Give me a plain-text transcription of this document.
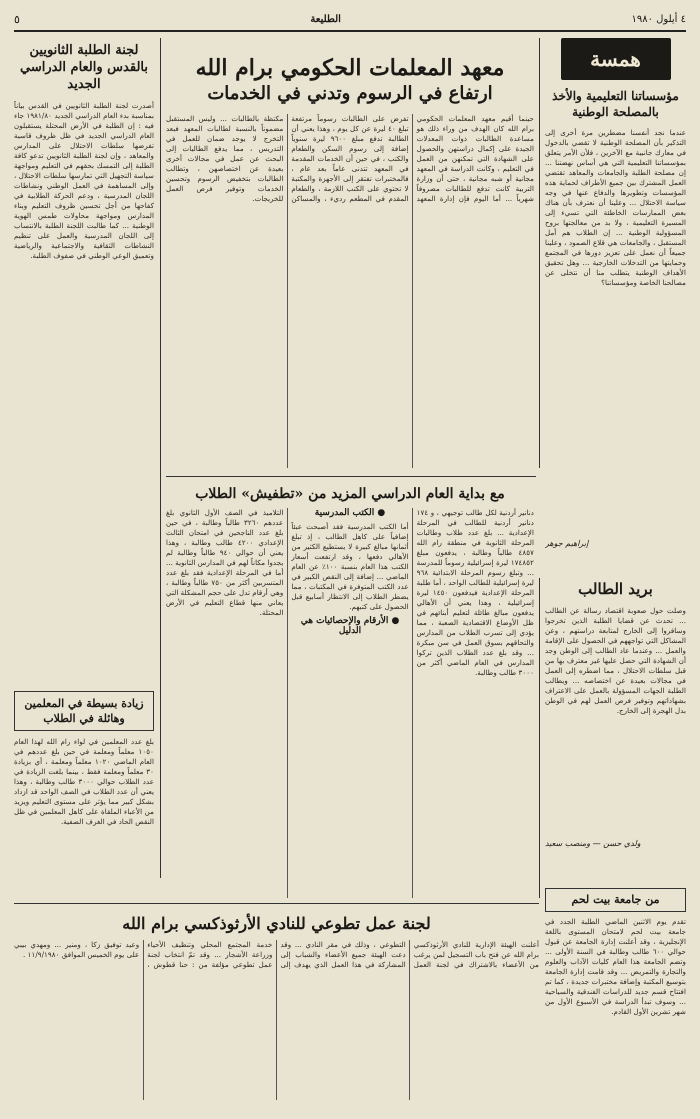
٥	الطليعة	٤ أيلول ١٩٨٠
لجنة الطلبة الثانويين بالقدس والعام الدراسي الجديد
أصدرت لجنة الطلبة الثانويين في القدس بياناً بمناسبة بدء العام الدراسي الجديد ١٩٨١/٨٠ جاء فيه : إن الطلبة في الأرض المحتلة يستقبلون العام الدراسي الجديد في ظل ظروف قاسية تفرضها سلطات الاحتلال على المدارس والمعاهد ، وإن لجنة الطلبة الثانويين تدعو كافة الطلبة إلى التمسك بحقهم في التعليم ومواجهة سياسة التجهيل التي تمارسها سلطات الاحتلال ، وإلى المساهمة في العمل الوطني ونشاطات اللجان المدرسية ، ودعم الحركة الطلابية في كفاحها من أجل تحسين ظروف التعليم وبناء المدارس ومواجهة محاولات طمس الهوية الوطنية ... كما طالبت اللجنة الطلبة بالانتساب إلى اللجان المدرسية والعمل على تنظيم النشاطات الثقافية والاجتماعية والرياضية وتعميق الوعي الوطني في صفوف الطلبة.
زيادة بسيطة في المعلمين وهائلة في الطلاب
بلغ عدد المعلمين في لواء رام الله لهذا العام ١٠٥٠ معلماً ومعلمة في حين بلغ عددهم في العام الماضي ١٠٢٠ معلماً ومعلمة ، أي بزيادة ٣٠ معلماً ومعلمة فقط ، بينما بلغت الزيادة في عدد الطلاب حوالي ٣٠٠٠ طالب وطالبة ، وهذا يعني أن عدد الطلاب في الصف الواحد قد ازداد بشكل كبير مما يؤثر على مستوى التعليم ويزيد من الأعباء الملقاة على كاهل المعلمين في ظل النقص الحاد في الغرف الصفية.
معهد المعلمات الحكومي برام الله
ارتفاع في الرسوم وتدني في الخدمات
حينما أقيم معهد المعلمات الحكومي برام الله كان الهدف من وراء ذلك هو مساعدة الطالبات ذوات المعدلات الجيدة على إكمال دراستهن والحصول على الشهادة التي تمكنهن من العمل في التعليم ، وكانت الدراسة في المعهد مجانية أو شبه مجانية ، حتى أن وزارة التربية كانت تدفع للطالبات مصروفاً شهرياً ... أما اليوم فإن إدارة المعهد تفرض على الطالبات رسوماً مرتفعة تبلغ ٤٠ ليرة عن كل يوم ، وهذا يعني أن الطالبة تدفع مبلغ ٩٦٠٠ ليرة سنوياً إضافة إلى رسوم السكن والطعام والكتب ، في حين أن الخدمات المقدمة في المعهد تتدنى عاماً بعد عام ، فالمختبرات تفتقر إلى الأجهزة والمكتبة لا تحتوي على الكتب اللازمة ، والطعام المقدم في المطعم رديء ، والمساكن مكتظة بالطالبات ... وليس المستقبل مضموناً بالنسبة لطالبات المعهد فبعد التخرج لا يوجد ضمان للعمل في التدريس ، مما يدفع الطالبات إلى البحث عن عمل في مجالات أخرى بعيدة عن اختصاصهن ، وتطالب الطالبات بتخفيض الرسوم وتحسين الخدمات وتوفير فرص العمل للخريجات.
همسة
مؤسساتنا التعليمية والأخذ بالمصلحة الوطنية
عندما نجد أنفسنا مضطرين مرة أخرى إلى التذكير بأن المصلحة الوطنية لا تقضي بالدخول في معارك جانبية مع الآخرين ، فلأن الأمر يتعلق بمؤسساتنا التعليمية التي هي أساس نهضتنا ... إن مصلحة الطلبة والجامعات والمعاهد تقتضي العمل المشترك بين جميع الأطراف لحماية هذه المؤسسات وتطويرها والدفاع عنها في وجه سياسة الاحتلال ... وعلينا أن نعترف بأن هناك بعض الممارسات الخاطئة التي تسيء إلى المسيرة التعليمية ، ولا بد من معالجتها بروح المسؤولية الوطنية ... إن الطلاب هم أمل المستقبل ، والجامعات هي قلاع الصمود ، وعلينا جميعاً أن نعمل على تعزيز دورها في المجتمع وحمايتها من التدخلات الخارجية ... وهل تحقيق الأهداف الوطنية يتطلب منا أن نتخلى عن مصالحنا الخاصة ومؤسساتنا؟
إبراهيم جوهر
مع بداية العام الدراسي المزيد من «تطفيش» الطلاب
دنانير أردنية لكل طالب توجيهي ، و ١٧٤ دنانير أردنية للطالب في المرحلة الإعدادية ... بلغ عدد طلاب وطالبات المرحلة الثانوية في منطقة رام الله ٤٨٥٧ طالباً وطالبة ، يدفعون مبلغ ١٧٤٨٥٢ ليرة إسرائيلية رسوماً للمدرسة ... وتبلغ رسوم المرحلة الابتدائية ٩٦٨ ليرة إسرائيلية للطالب الواحد ، أما طلبة المرحلة الإعدادية فيدفعون ١٤٥٠ ليرة إسرائيلية ، وهذا يعني أن الأهالي يدفعون مبالغ طائلة لتعليم أبنائهم في ظل الأوضاع الاقتصادية الصعبة ، مما يؤدي إلى تسرب الطلاب من المدارس والتحاقهم بسوق العمل في سن مبكرة ... وقد بلغ عدد الطلاب الذين تركوا المدارس في العام الماضي أكثر من ٣٠٠٠ طالب وطالبة.
● الكتب المدرسية
أما الكتب المدرسية فقد أصبحت عبئاً إضافياً على كاهل الطالب ، إذ تبلغ أثمانها مبالغ كبيرة لا يستطيع الكثير من الأهالي دفعها ، وقد ارتفعت أسعار الكتب هذا العام بنسبة ١٠٠٪ عن العام الماضي ... إضافة إلى النقص الكبير في عدد الكتب المتوفرة في المكتبات ، مما يضطر الطلاب إلى الانتظار أسابيع قبل الحصول على كتبهم.
● الأرقام والإحصائيات هي الدليل
التلاميذ في الصف الأول الثانوي بلغ عددهم ٣٢٦٠ طالباً وطالبة ، في حين بلغ عدد الناجحين في امتحان الثالث الإعدادي ٤٢٠٠ طالب وطالبة ، وهذا يعني أن حوالي ٩٤٠ طالباً وطالبة لم يجدوا مكاناً لهم في المدارس الثانوية ... أما في المرحلة الإعدادية فقد بلغ عدد المتسربين أكثر من ٧٥٠ طالباً وطالبة ، وهي أرقام تدل على حجم المشكلة التي يعاني منها قطاع التعليم في الأرض المحتلة.
بريد الطالب
وصلت حول صعوبة اقتصاد رسالة عن الطالب ... تحدث عن قضايا الطلبة الذين تخرجوا وسافروا إلى الخارج لمتابعة دراستهم ، وعن المشاكل التي تواجههم في الحصول على الإقامة والعمل ... وعندما عاد الطالب إلى الوطن وجد أن الشهادة التي حصل عليها غير معترف بها من قبل سلطات الاحتلال ، مما اضطره إلى العمل في مجالات بعيدة عن اختصاصه ... ويطالب الطلبة الجهات المسؤولة بالعمل على الاعتراف بشهاداتهم وتوفير فرص العمل لهم في الوطن بدل الهجرة إلى الخارج.
ولدي حسن — ومنصب سعيد
من جامعة بيت لحم
تقدم يوم الاثنين الماضي الطلبة الجدد في جامعة بيت لحم لامتحان المستوى باللغة الإنجليزية ، وقد أعلنت إدارة الجامعة عن قبول حوالي ٦٠٠ طالب وطالبة في السنة الأولى ... وتضم الجامعة هذا العام كليات الآداب والعلوم والتجارة والتمريض ... وقد قامت إدارة الجامعة بتوسيع المكتبة وإضافة مختبرات جديدة ، كما تم افتتاح قسم جديد للدراسات الفندقية والسياحية ... وسوف تبدأ الدراسة في الأسبوع الأول من شهر تشرين الأول القادم.
لجنة عمل تطوعي للنادي الأرثوذكسي برام الله
أعلنت الهيئة الإدارية للنادي الأرثوذكسي برام الله عن فتح باب التسجيل لمن يرغب من الأعضاء بالاشتراك في لجنة العمل التطوعي ، وذلك في مقر النادي ... وقد دعت الهيئة جميع الأعضاء والشباب إلى المشاركة في هذا العمل الذي يهدف إلى خدمة المجتمع المحلي وتنظيف الأحياء وزراعة الأشجار ... وقد تمّ انتخاب لجنة عمل تطوعي مؤلفة من : حنا قطوش ، وعيد توفيق زكا ، ومنير ... ومهدي بيبي على يوم الخميس الموافق ١١/٩/١٩٨٠ .
